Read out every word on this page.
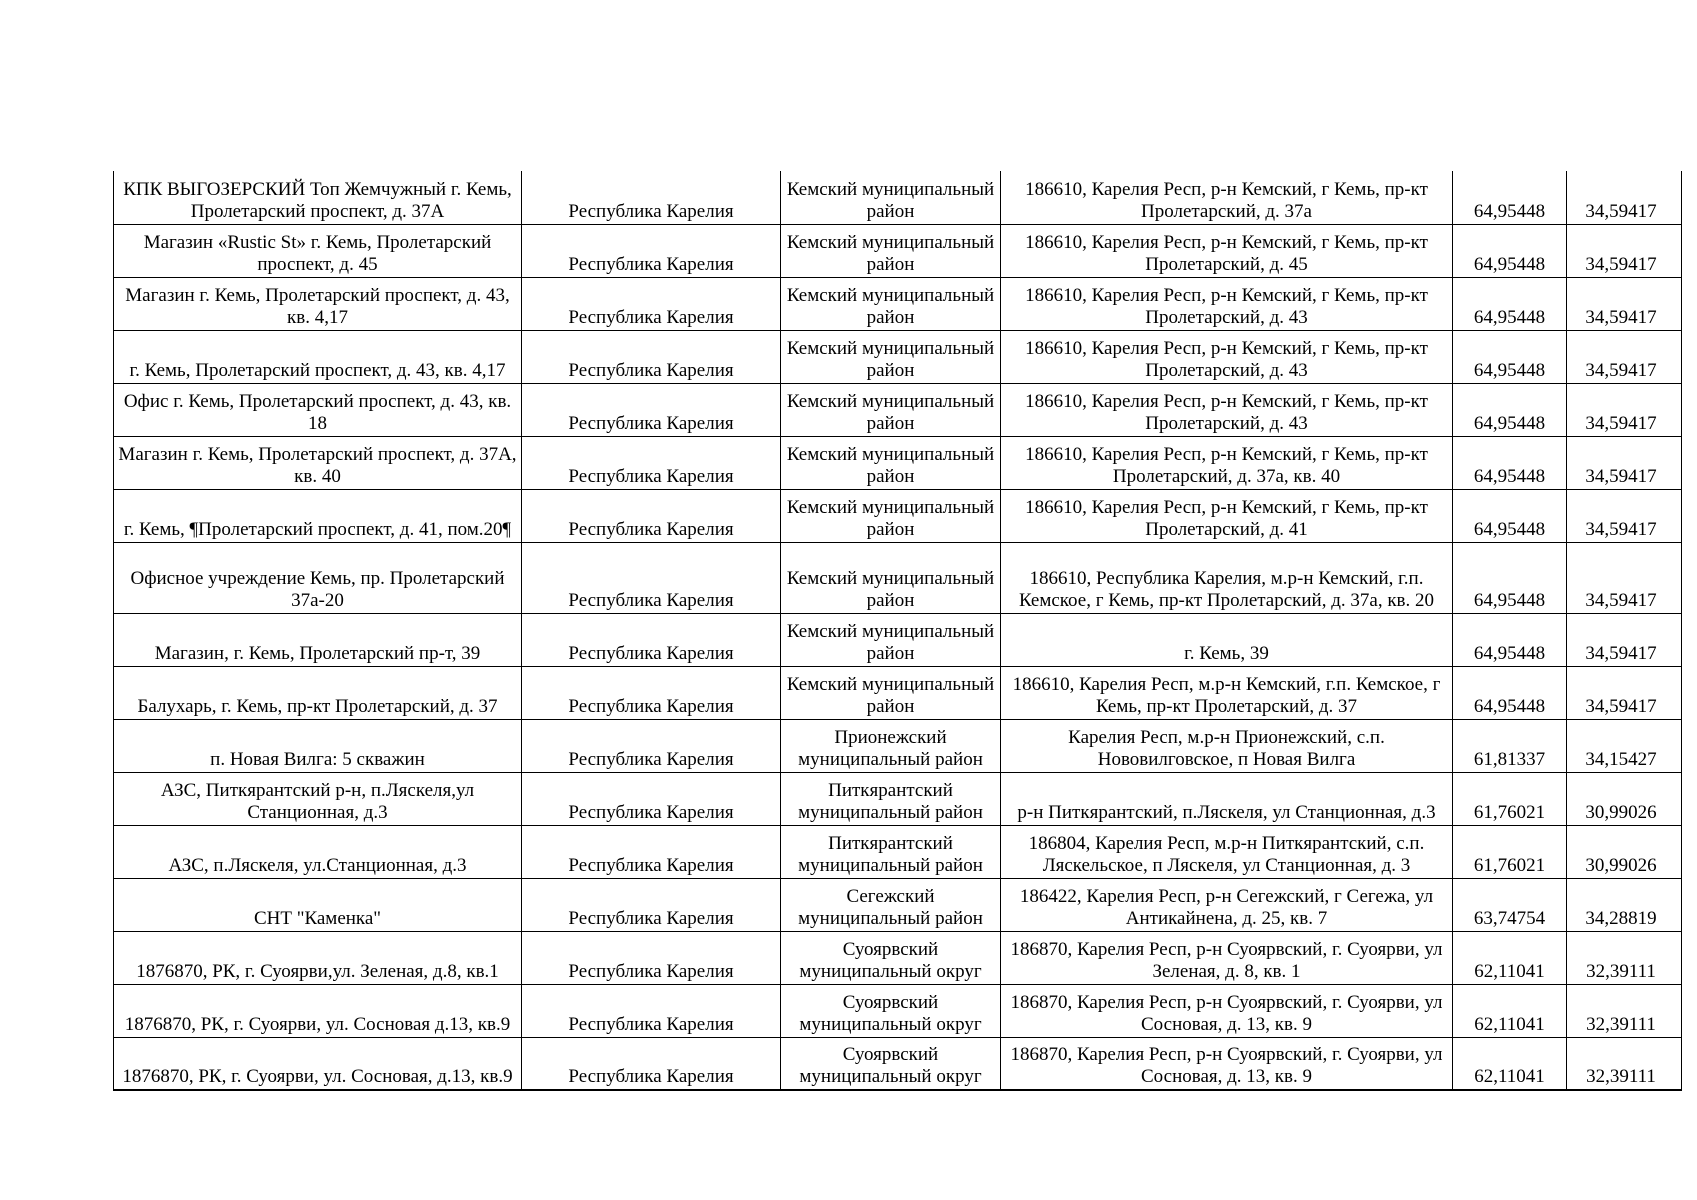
КПК ВЫГОЗЕРСКИЙ Топ Жемчужный г. Кемь, Пролетарский проспект, д. 37А	Республика Карелия	Кемский муниципальный район	186610, Карелия Респ, р-н Кемский, г Кемь, пр-кт Пролетарский, д. 37а	64,95448	34,59417
Магазин «Rustic St» г. Кемь, Пролетарский проспект, д. 45	Республика Карелия	Кемский муниципальный район	186610, Карелия Респ, р-н Кемский, г Кемь, пр-кт Пролетарский, д. 45	64,95448	34,59417
Магазин г. Кемь, Пролетарский проспект, д. 43, кв. 4,17	Республика Карелия	Кемский муниципальный район	186610, Карелия Респ, р-н Кемский, г Кемь, пр-кт Пролетарский, д. 43	64,95448	34,59417
г. Кемь, Пролетарский проспект, д. 43, кв. 4,17	Республика Карелия	Кемский муниципальный район	186610, Карелия Респ, р-н Кемский, г Кемь, пр-кт Пролетарский, д. 43	64,95448	34,59417
Офис г. Кемь, Пролетарский проспект, д. 43, кв. 18	Республика Карелия	Кемский муниципальный район	186610, Карелия Респ, р-н Кемский, г Кемь, пр-кт Пролетарский, д. 43	64,95448	34,59417
Магазин г. Кемь, Пролетарский проспект, д. 37А, кв. 40	Республика Карелия	Кемский муниципальный район	186610, Карелия Респ, р-н Кемский, г Кемь, пр-кт Пролетарский, д. 37а, кв. 40	64,95448	34,59417
г. Кемь, ¶Пролетарский проспект, д. 41, пом.20¶	Республика Карелия	Кемский муниципальный район	186610, Карелия Респ, р-н Кемский, г Кемь, пр-кт Пролетарский, д. 41	64,95448	34,59417
Офисное учреждение Кемь, пр. Пролетарский 37а-20	Республика Карелия	Кемский муниципальный район	186610, Республика Карелия, м.р-н Кемский, г.п. Кемское, г Кемь, пр-кт Пролетарский, д. 37а, кв. 20	64,95448	34,59417
Магазин, г. Кемь, Пролетарский пр-т, 39	Республика Карелия	Кемский муниципальный район	г. Кемь, 39	64,95448	34,59417
Балухарь, г. Кемь, пр-кт Пролетарский, д. 37	Республика Карелия	Кемский муниципальный район	186610, Карелия Респ, м.р-н Кемский, г.п. Кемское, г Кемь, пр-кт Пролетарский, д. 37	64,95448	34,59417
п. Новая Вилга: 5 скважин	Республика Карелия	Прионежский муниципальный район	Карелия Респ, м.р-н Прионежский, с.п. Нововилговское, п Новая Вилга	61,81337	34,15427
АЗС, Питкярантский р-н, п.Ляскеля,ул Станционная, д.3	Республика Карелия	Питкярантский муниципальный район	р-н Питкярантский, п.Ляскеля, ул Станционная, д.3	61,76021	30,99026
АЗС, п.Ляскеля, ул.Станционная, д.3	Республика Карелия	Питкярантский муниципальный район	186804, Карелия Респ, м.р-н Питкярантский, с.п. Ляскельское, п Ляскеля, ул Станционная, д. 3	61,76021	30,99026
СНТ "Каменка"	Республика Карелия	Сегежский муниципальный район	186422, Карелия Респ, р-н Сегежский, г Сегежа, ул Антикайнена, д. 25, кв. 7	63,74754	34,28819
1876870, РК, г. Суоярви,ул. Зеленая, д.8, кв.1	Республика Карелия	Суоярвский муниципальный округ	186870, Карелия Респ, р-н Суоярвский, г. Суоярви, ул Зеленая, д. 8, кв. 1	62,11041	32,39111
1876870, РК, г. Суоярви, ул. Сосновая д.13, кв.9	Республика Карелия	Суоярвский муниципальный округ	186870, Карелия Респ, р-н Суоярвский, г. Суоярви, ул Сосновая, д. 13, кв. 9	62,11041	32,39111
1876870, РК, г. Суоярви, ул. Сосновая, д.13, кв.9	Республика Карелия	Суоярвский муниципальный округ	186870, Карелия Респ, р-н Суоярвский, г. Суоярви, ул Сосновая, д. 13, кв. 9	62,11041	32,39111
